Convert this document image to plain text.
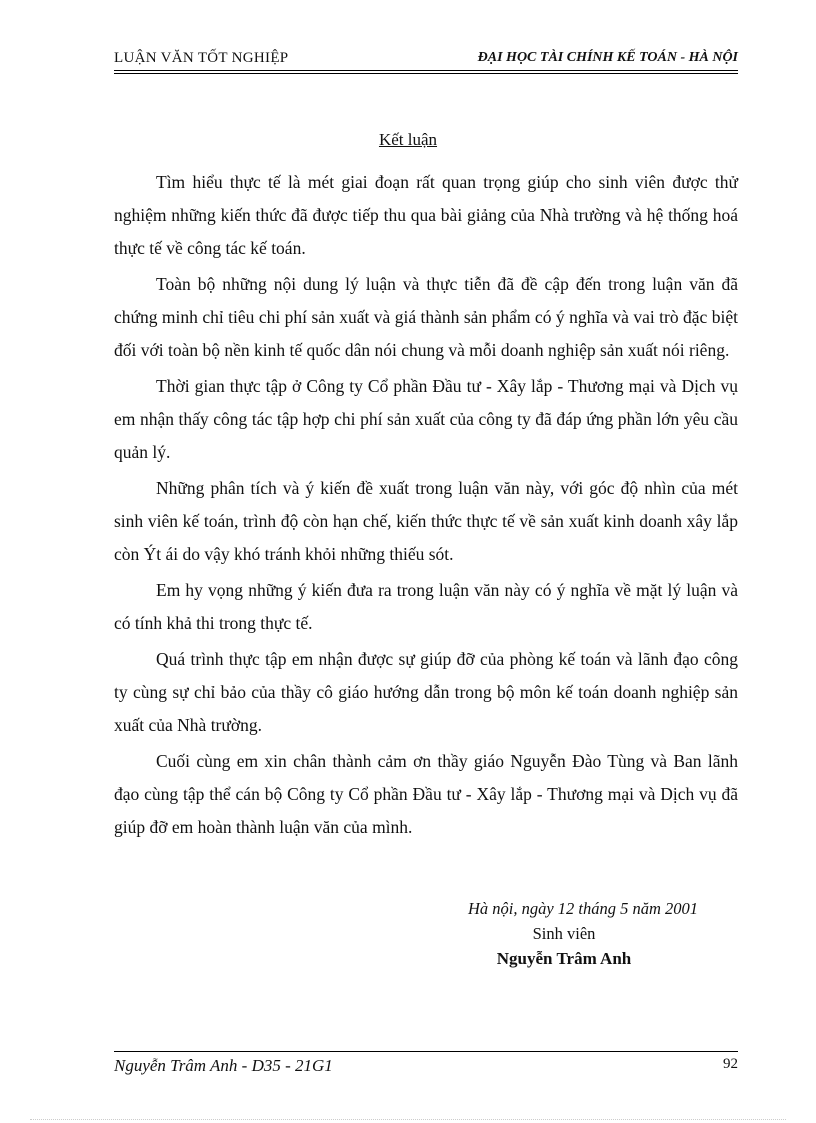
LUẬN VĂN TỐT NGHIỆP	ĐẠI HỌC TÀI CHÍNH KẾ TOÁN - HÀ NỘI
Kết luận

Tìm hiểu thực tế là mét giai đoạn rất quan trọng giúp cho sinh viên được thử nghiệm những kiến thức đã được tiếp thu qua bài giảng của Nhà trường và hệ thống hoá thực tế về công tác kế toán.

Toàn bộ những nội dung lý luận và thực tiễn đã đề cập đến trong luận văn đã chứng minh chỉ tiêu chi phí sản xuất và giá thành sản phẩm có ý nghĩa và vai trò đặc biệt đối với toàn bộ nền kinh tế quốc dân nói chung và mỗi doanh nghiệp sản xuất nói riêng.

Thời gian thực tập ở Công ty Cổ phần Đầu tư - Xây lắp - Thương mại và Dịch vụ em nhận thấy công tác tập hợp chi phí sản xuất của công ty đã đáp ứng phần lớn yêu cầu quản lý.

Những phân tích và ý kiến đề xuất trong luận văn này, với góc độ nhìn của mét sinh viên kế toán, trình độ còn hạn chế, kiến thức thực tế về sản xuất kinh doanh xây lắp còn Ýt ái do vậy khó tránh khỏi những thiếu sót.

Em hy vọng những ý kiến đưa ra trong luận văn này có ý nghĩa về mặt lý luận và có tính khả thi trong thực tế.

Quá trình thực tập em nhận được sự giúp đỡ của phòng kế toán và lãnh đạo công ty cùng sự chỉ bảo của thầy cô giáo hướng dẫn trong bộ môn kế toán doanh nghiệp sản xuất của Nhà trường.

Cuối cùng em xin chân thành cảm ơn thầy giáo Nguyễn Đào Tùng và Ban lãnh đạo cùng tập thể cán bộ Công ty Cổ phần Đầu tư - Xây lắp - Thương mại và Dịch vụ đã giúp đỡ em hoàn thành luận văn của mình.

Hà nội, ngày 12 tháng 5 năm 2001
Sinh viên
Nguyễn Trâm Anh
Nguyễn Trâm Anh - D35 - 21G1	92
